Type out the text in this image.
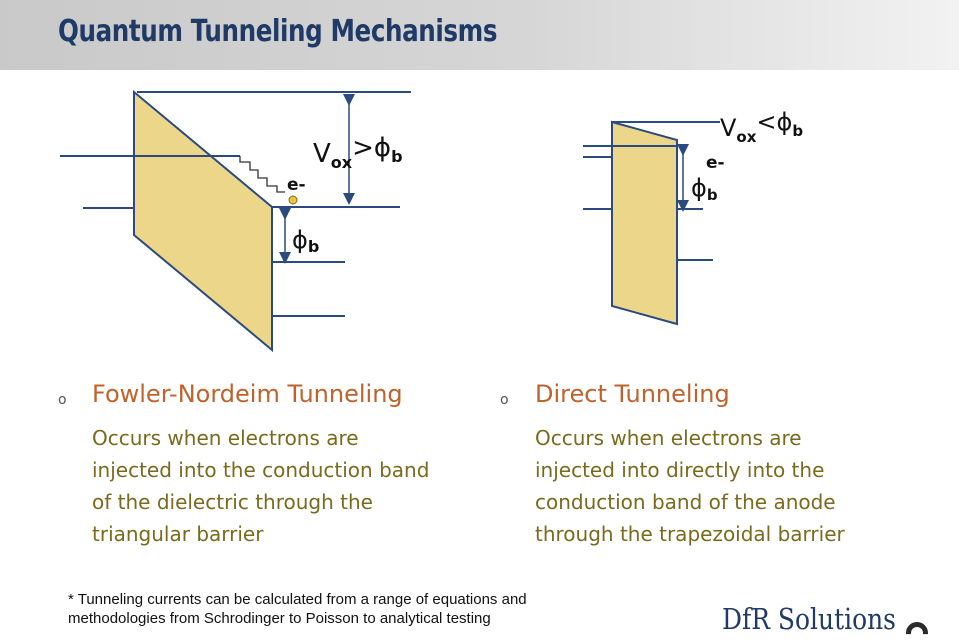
Quantum Tunneling Mechanisms
e-
$V_{ox}>\phi_b$
ϕb
e-
$V_{ox}<\phi_b$
ϕb
o Fowler-Nordeim Tunneling
Occurs when electrons are
injected into the conduction band
of the dielectric through the
triangular barrier
o Direct Tunneling
Occurs when electrons are
injected into directly into the
conduction band of the anode
through the trapezoidal barrier
* Tunneling currents can be calculated from a range of equations and
methodologies from Schrodinger to Poisson to analytical testing	DfR Solutions
